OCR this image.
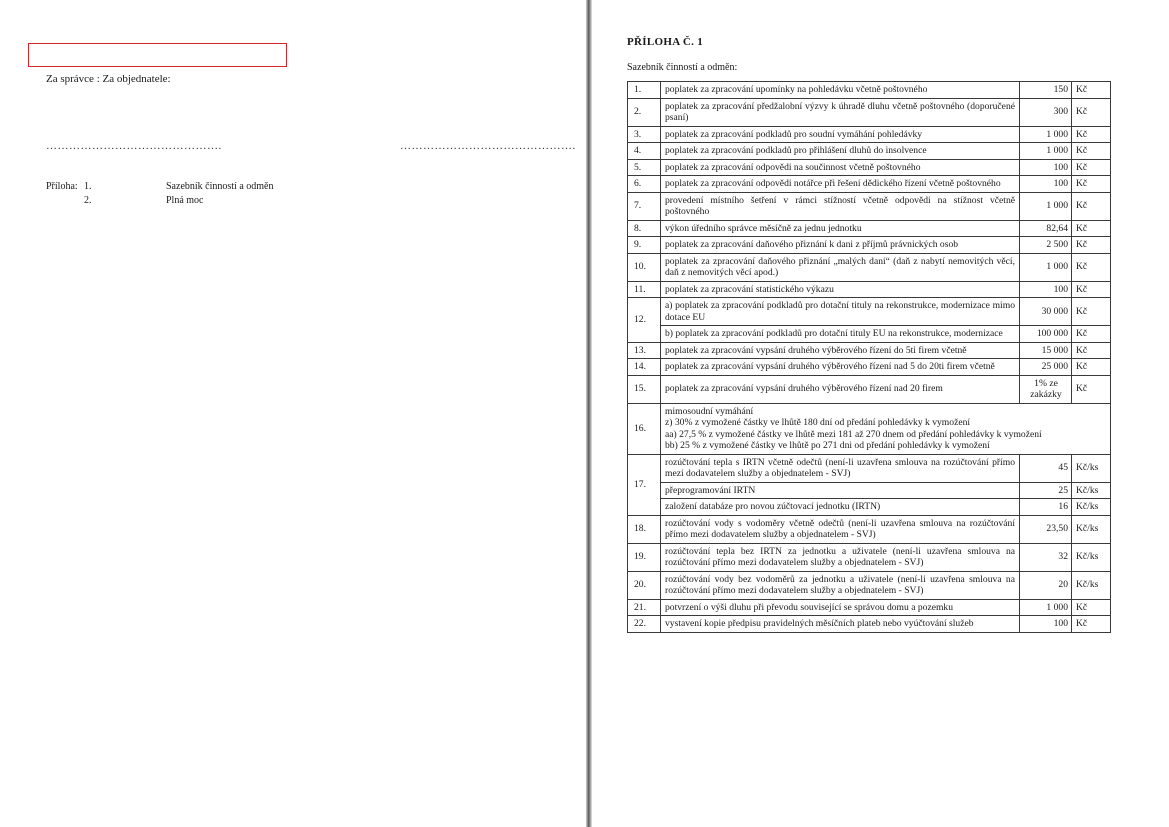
Za správce : Za objednatele:
……………………………………….	……………………………………….
Příloha: 1.	Sazebník činností a odměn
2.	Plná moc
PŘÍLOHA Č. 1
Sazebník činností a odměn:
1.	poplatek za zpracování upomínky na pohledávku včetně poštovného	150	Kč
2.	poplatek za zpracování předžalobní výzvy k úhradě dluhu včetně poštovného (doporučené psaní)	300	Kč
3.	poplatek za zpracování podkladů pro soudní vymáhání pohledávky	1 000	Kč
4.	poplatek za zpracování podkladů pro přihlášení dluhů do insolvence	1 000	Kč
5.	poplatek za zpracování odpovědi na součinnost včetně poštovného	100	Kč
6.	poplatek za zpracování odpovědi notářce při řešení dědického řízení včetně poštovného	100	Kč
7.	provedení místního šetření v rámci stížností včetně odpovědi na stížnost včetně poštovného	1 000	Kč
8.	výkon úředního správce měsíčně za jednu jednotku	82,64	Kč
9.	poplatek za zpracování daňového přiznání k dani z příjmů právnických osob	2 500	Kč
10.	poplatek za zpracování daňového přiznání „malých daní“ (daň z nabytí nemovitých věcí, daň z nemovitých věcí apod.)	1 000	Kč
11.	poplatek za zpracování statistického výkazu	100	Kč
12.	a) poplatek za zpracování podkladů pro dotační tituly na rekonstrukce, modernizace mimo dotace EU	30 000	Kč
	b) poplatek za zpracování podkladů pro dotační tituly EU na rekonstrukce, modernizace	100 000	Kč
13.	poplatek za zpracování vypsání druhého výběrového řízení do 5ti firem včetně	15 000	Kč
14.	poplatek za zpracování vypsání druhého výběrového řízení nad 5 do 20ti firem včetně	25 000	Kč
15.	poplatek za zpracování vypsání druhého výběrového řízení nad 20 firem	1% ze zakázky	Kč
16.	mimosoudní vymáhání
z) 30% z vymožené částky ve lhůtě 180 dní od předání pohledávky k vymožení
aa) 27,5 % z vymožené částky ve lhůtě mezi 181 až 270 dnem od předání pohledávky k vymožení
bb) 25 % z vymožené částky ve lhůtě po 271 dni od předání pohledávky k vymožení		

17.	rozúčtování tepla s IRTN včetně odečtů (není-li uzavřena smlouva na rozúčtování přímo mezi dodavatelem služby a objednatelem - SVJ)	45	Kč/ks
	přeprogramování IRTN	25	Kč/ks
	založení databáze pro novou zúčtovací jednotku (IRTN)	16	Kč/ks
18.	rozúčtování vody s vodoměry včetně odečtů (není-li uzavřena smlouva na rozúčtování přímo mezi dodavatelem služby a objednatelem - SVJ)	23,50	Kč/ks
19.	rozúčtování tepla bez IRTN za jednotku a uživatele (není-li uzavřena smlouva na rozúčtování přímo mezi dodavatelem služby a objednatelem - SVJ)	32	Kč/ks
20.	rozúčtování vody bez vodoměrů za jednotku a uživatele (není-li uzavřena smlouva na rozúčtování přímo mezi dodavatelem služby a objednatelem - SVJ)	20	Kč/ks
21.	potvrzení o výši dluhu při převodu související se správou domu a pozemku	1 000	Kč
22.	vystavení kopie předpisu pravidelných měsíčních plateb nebo vyúčtování služeb	100	Kč
